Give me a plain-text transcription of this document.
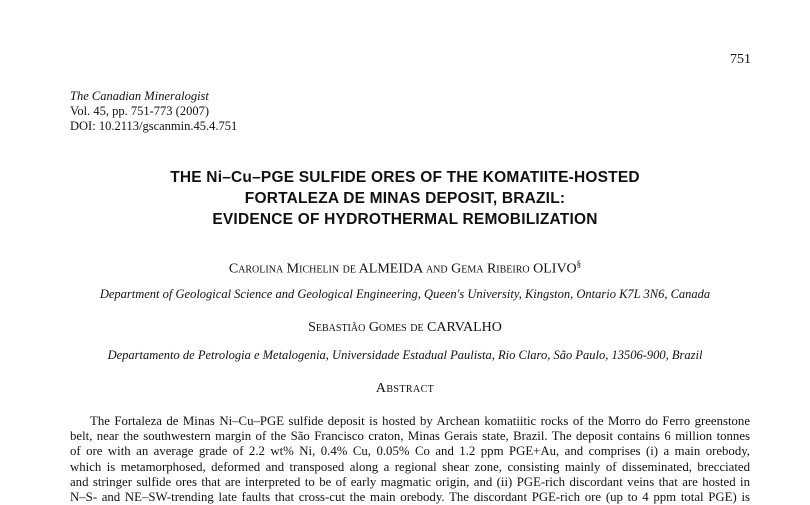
751
The Canadian Mineralogist
Vol. 45, pp. 751-773 (2007)
DOI: 10.2113/gscanmin.45.4.751
THE Ni–Cu–PGE SULFIDE ORES OF THE KOMATIITE-HOSTED
FORTALEZA DE MINAS DEPOSIT, BRAZIL:
EVIDENCE OF HYDROTHERMAL REMOBILIZATION
Carolina Michelin de ALMEIDA and Gema Ribeiro OLIVO§
Department of Geological Science and Geological Engineering, Queen's University, Kingston, Ontario K7L 3N6, Canada
Sebastião Gomes de CARVALHO
Departamento de Petrologia e Metalogenia, Universidade Estadual Paulista, Rio Claro, São Paulo, 13506-900, Brazil
Abstract
The Fortaleza de Minas Ni–Cu–PGE sulfide deposit is hosted by Archean komatiitic rocks of the Morro do Ferro greenstone
belt, near the southwestern margin of the São Francisco craton, Minas Gerais state, Brazil. The deposit contains 6 million tonnes
of ore with an average grade of 2.2 wt% Ni, 0.4% Cu, 0.05% Co and 1.2 ppm PGE+Au, and comprises (i) a main orebody,
which is metamorphosed, deformed and transposed along a regional shear zone, consisting mainly of disseminated, brecciated
and stringer sulfide ores that are interpreted to be of early magmatic origin, and (ii) PGE-rich discordant veins that are hosted in
N–S- and NE–SW-trending late faults that cross-cut the main orebody. The discordant PGE-rich ore (up to 4 ppm total PGE) is
